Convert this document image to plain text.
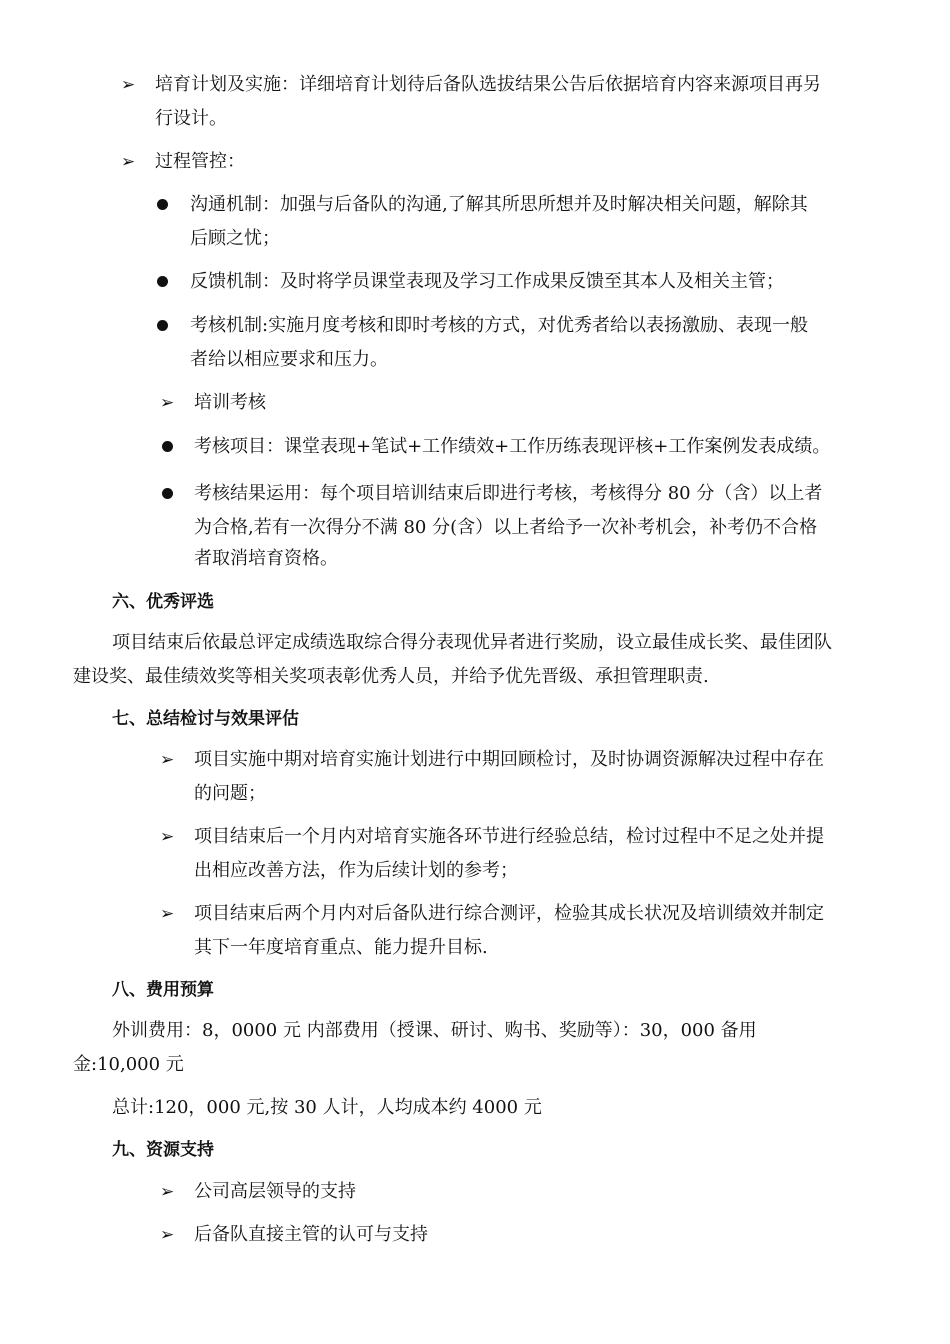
➢ 培育计划及实施：详细培育计划待后备队选拔结果公告后依据培育内容来源项目再另
行设计。
➢ 过程管控：
沟通机制：加强与后备队的沟通,了解其所思所想并及时解决相关问题，解除其
后顾之忧；
反馈机制：及时将学员课堂表现及学习工作成果反馈至其本人及相关主管；
考核机制:实施月度考核和即时考核的方式，对优秀者给以表扬激励、表现一般
者给以相应要求和压力。
➢ 培训考核
考核项目：课堂表现+笔试+工作绩效+工作历练表现评核+工作案例发表成绩。
考核结果运用：每个项目培训结束后即进行考核，考核得分 80 分（含）以上者
为合格,若有一次得分不满 80 分(含）以上者给予一次补考机会，补考仍不合格
者取消培育资格。
六、优秀评选
项目结束后依最总评定成绩选取综合得分表现优异者进行奖励，设立最佳成长奖、最佳团队
建设奖、最佳绩效奖等相关奖项表彰优秀人员，并给予优先晋级、承担管理职责.
七、总结检讨与效果评估
➢ 项目实施中期对培育实施计划进行中期回顾检讨，及时协调资源解决过程中存在
的问题；
➢ 项目结束后一个月内对培育实施各环节进行经验总结，检讨过程中不足之处并提
出相应改善方法，作为后续计划的参考；
➢ 项目结束后两个月内对后备队进行综合测评，检验其成长状况及培训绩效并制定
其下一年度培育重点、能力提升目标.
八、费用预算
外训费用：8，0000 元 内部费用（授课、研讨、购书、奖励等）：30，000 备用
金:10,000 元
总计:120，000 元,按 30 人计，人均成本约 4000 元
九、资源支持
➢ 公司高层领导的支持
➢ 后备队直接主管的认可与支持
